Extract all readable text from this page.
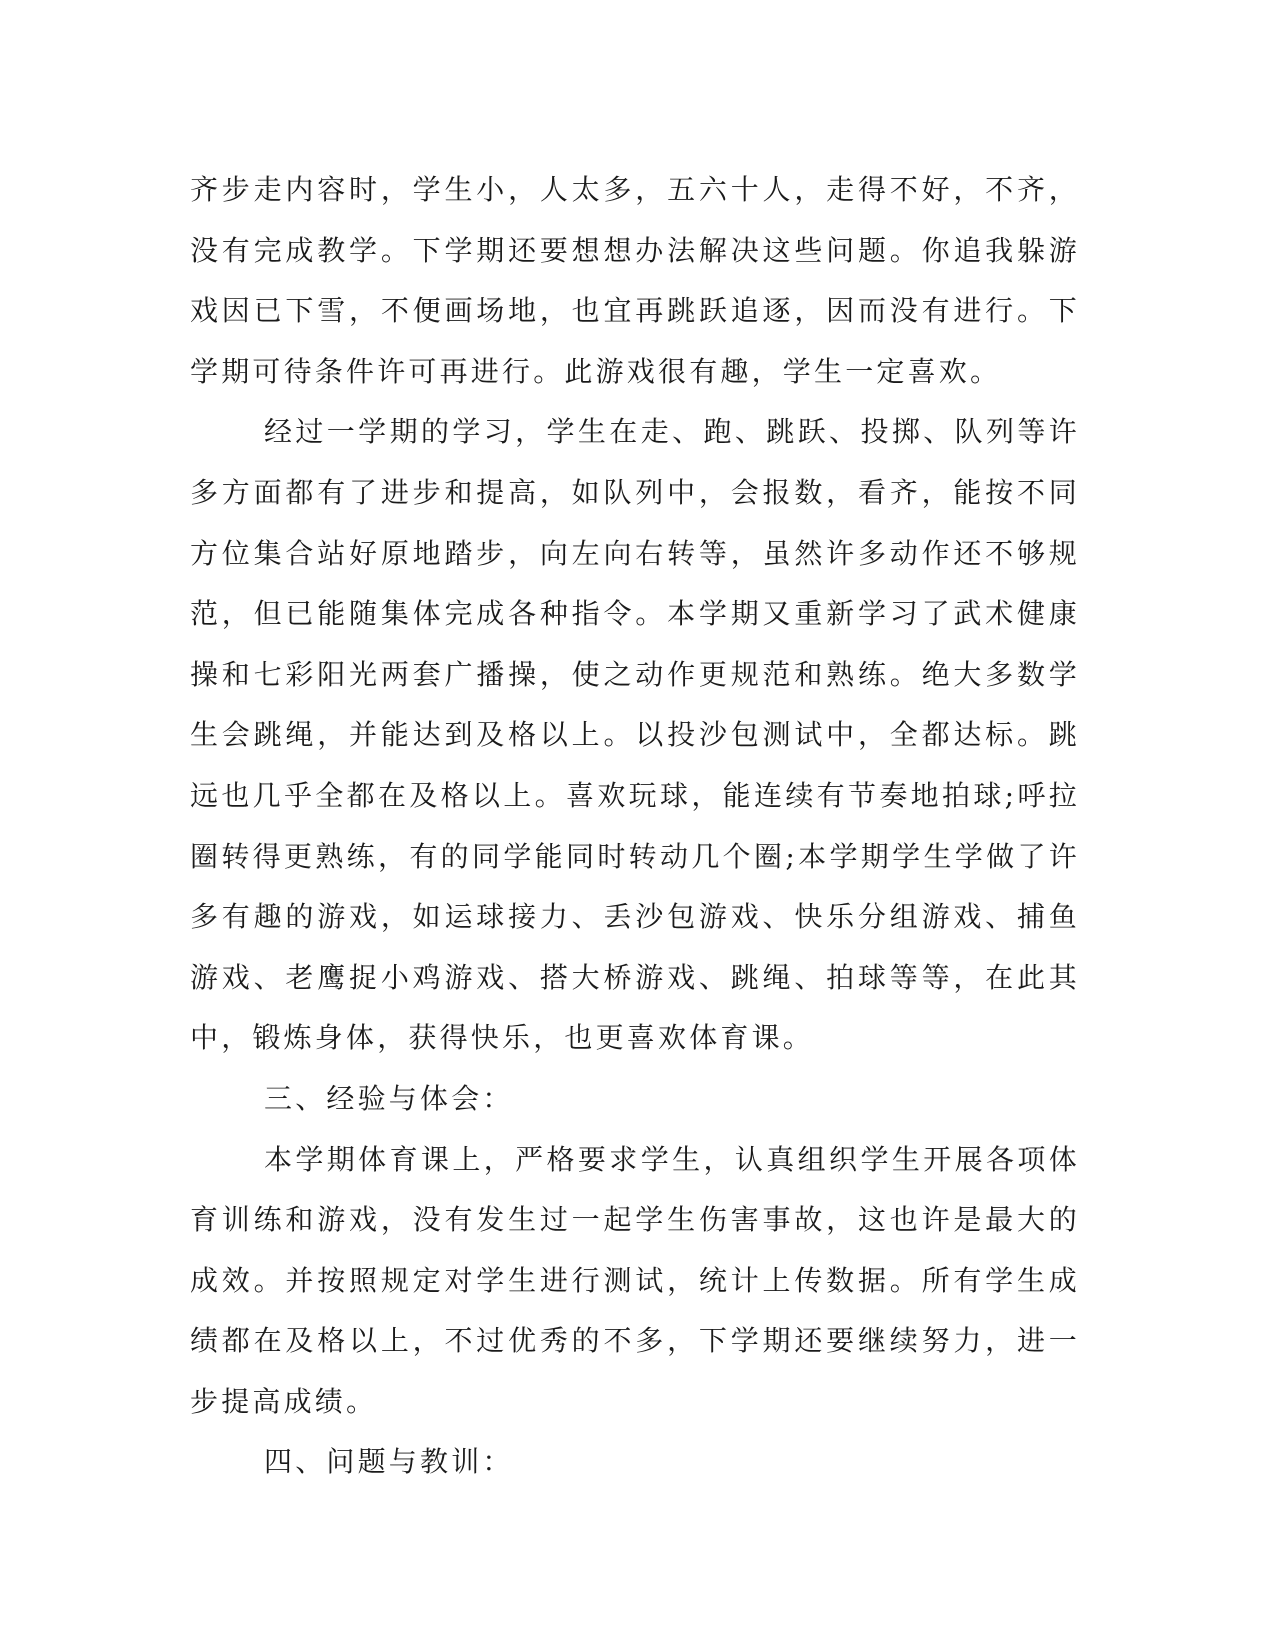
齐步走内容时，学生小，人太多，五六十人，走得不好，不齐，没有完成教学。下学期还要想想办法解决这些问题。你追我躲游戏因已下雪，不便画场地，也宜再跳跃追逐，因而没有进行。下学期可待条件许可再进行。此游戏很有趣，学生一定喜欢。

经过一学期的学习，学生在走、跑、跳跃、投掷、队列等许多方面都有了进步和提高，如队列中，会报数，看齐，能按不同方位集合站好原地踏步，向左向右转等，虽然许多动作还不够规范，但已能随集体完成各种指令。本学期又重新学习了武术健康操和七彩阳光两套广播操，使之动作更规范和熟练。绝大多数学生会跳绳，并能达到及格以上。以投沙包测试中，全都达标。跳远也几乎全都在及格以上。喜欢玩球，能连续有节奏地拍球;呼拉圈转得更熟练，有的同学能同时转动几个圈;本学期学生学做了许多有趣的游戏，如运球接力、丢沙包游戏、快乐分组游戏、捕鱼游戏、老鹰捉小鸡游戏、搭大桥游戏、跳绳、拍球等等，在此其中，锻炼身体，获得快乐，也更喜欢体育课。

三、经验与体会：

本学期体育课上，严格要求学生，认真组织学生开展各项体育训练和游戏，没有发生过一起学生伤害事故，这也许是最大的成效。并按照规定对学生进行测试，统计上传数据。所有学生成绩都在及格以上，不过优秀的不多，下学期还要继续努力，进一步提高成绩。

四、问题与教训：
